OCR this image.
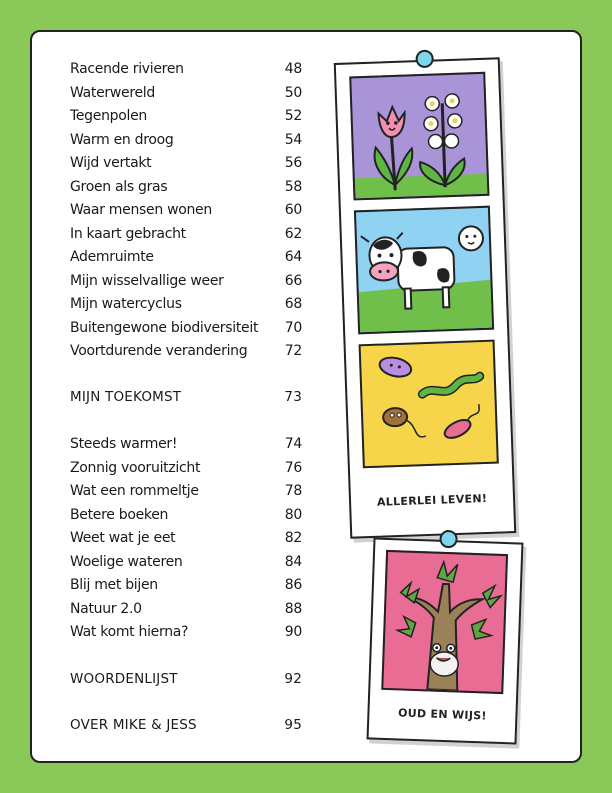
Racende rivieren	48
Waterwereld	50
Tegenpolen	52
Warm en droog	54
Wijd vertakt	56
Groen als gras	58
Waar mensen wonen	60
In kaart gebracht	62
Ademruimte	64
Mijn wisselvallige weer	66
Mijn watercyclus	68
Buitengewone biodiversiteit 70
Voortdurende verandering	72
MIJN TOEKOMST	73
Steeds warmer!	74
Zonnig vooruitzicht	76
Wat een rommeltje	78
Betere boeken	80
Weet wat je eet	82
Woelige wateren	84
Blij met bijen	86
Natuur 2.0	88
Wat komt hierna?	90
WOORDENLIJST	92
OVER MIKE & JESS	95
ALLERLEI LEVEN!
OUD EN WIJS!
